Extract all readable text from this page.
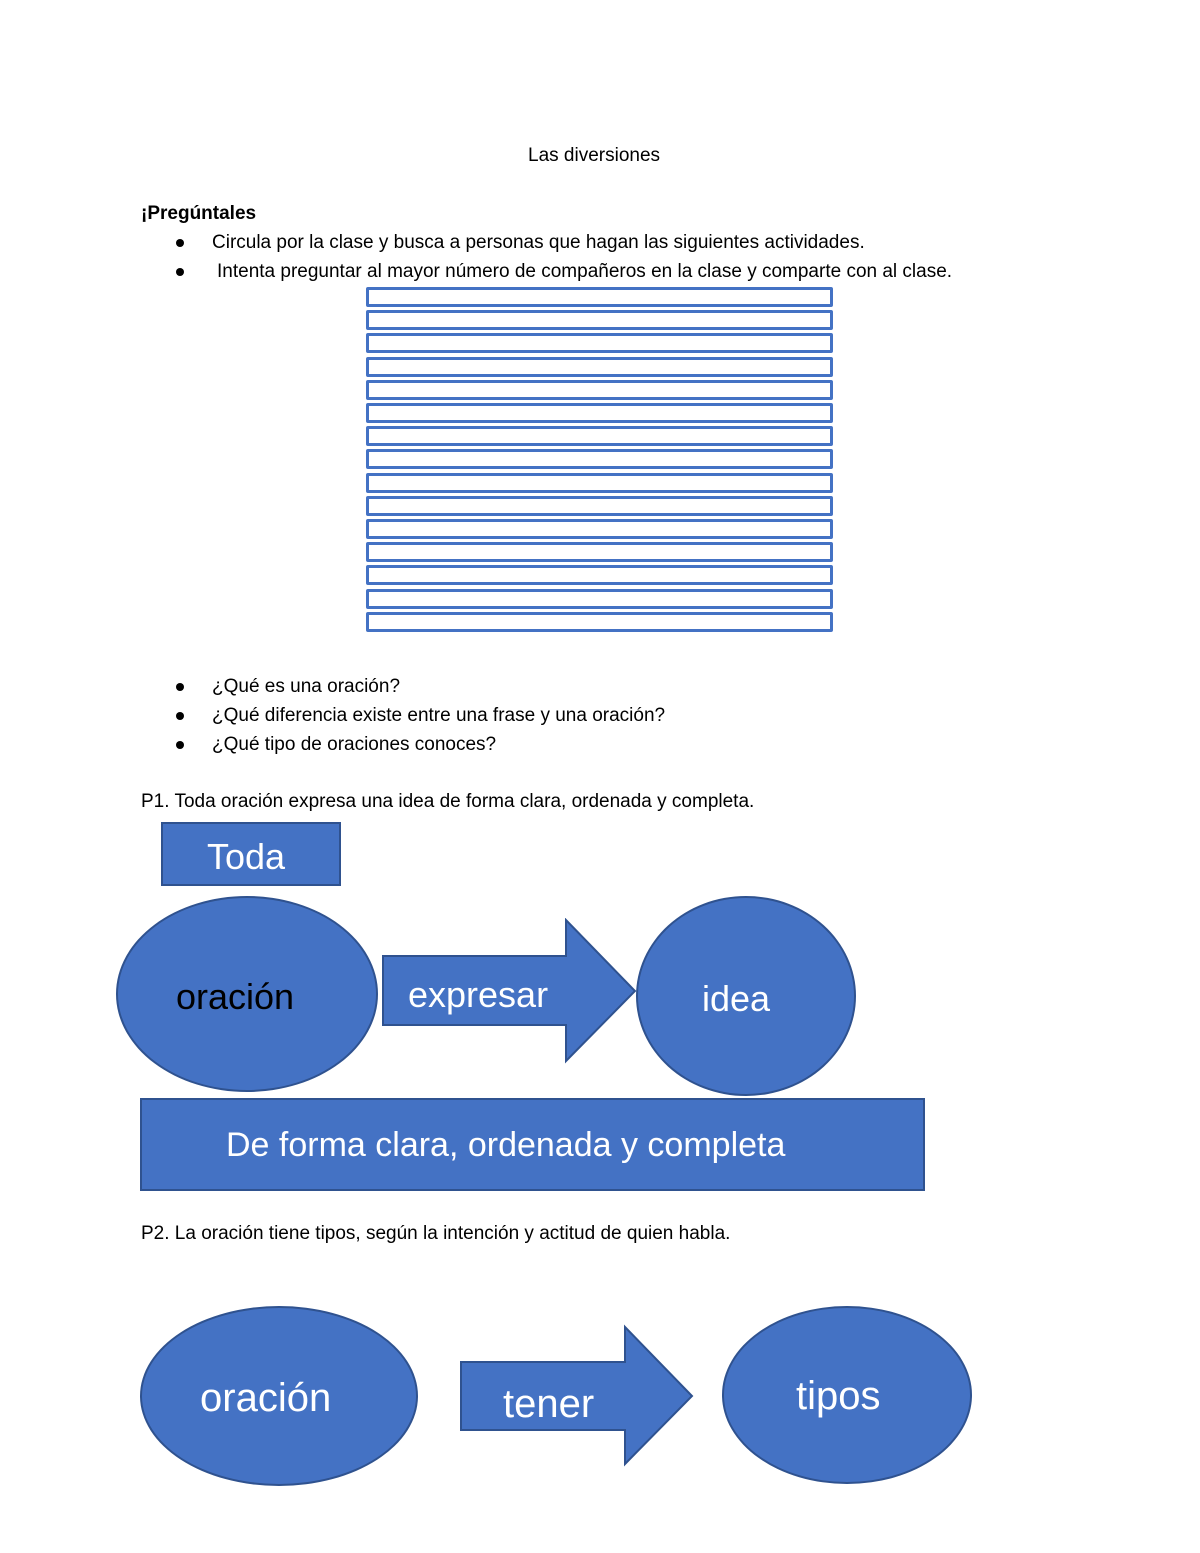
Las diversiones
¡Pregúntales
Circula por la clase y busca a personas que hagan las siguientes actividades.
Intenta preguntar al mayor número de compañeros en la clase y comparte con al clase.
¿Qué es una oración?
¿Qué diferencia existe entre una frase y una oración?
¿Qué tipo de oraciones conoces?
P1. Toda oración expresa una idea de forma clara, ordenada y completa.
Toda
oración	expresar	idea
De forma clara, ordenada y completa
P2. La oración tiene tipos, según la intención y actitud de quien habla.
oración	tener	tipos
